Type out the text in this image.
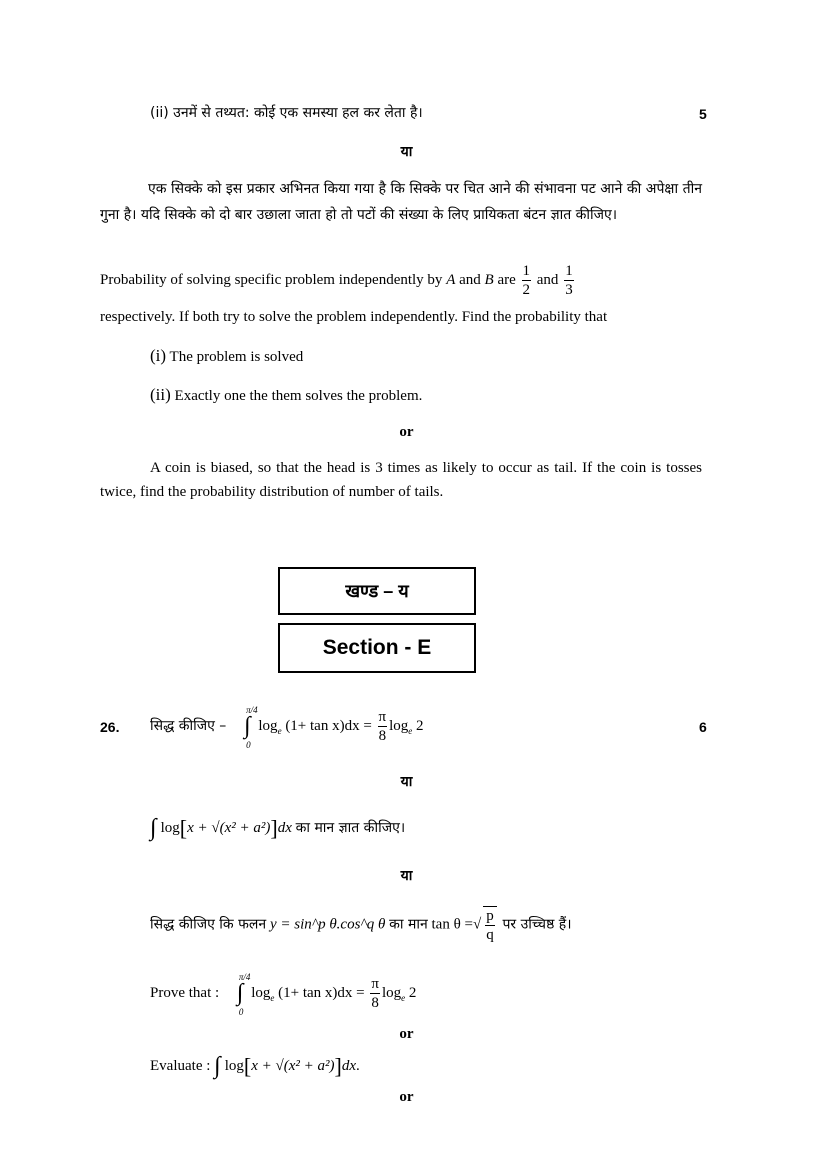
(ii) उनमें से तथ्यत: कोई एक समस्या हल कर लेता है।	5
या
एक सिक्के को इस प्रकार अभिनत किया गया है कि सिक्के पर चित आने की संभावना पट आने की अपेक्षा तीन गुना है। यदि सिक्के को दो बार उछाला जाता हो तो पटों की संख्या के लिए प्रायिकता बंटन ज्ञात कीजिए।
Probability of solving specific problem independently by A and B are $\frac{1}{2}$ and $\frac{1}{3}$
respectively. If both try to solve the problem independently. Find the probability that
(i) The problem is solved
(ii) Exactly one the them solves the problem.
or
A coin is biased, so that the head is 3 times as likely to occur as tail. If the coin is tosses twice, find the probability distribution of number of tails.
खण्ड – य
Section - E
26.	6
सिद्ध कीजिए – ∫
π/4
0
$\log_e (1+ \tan x)dx = \frac{\pi}{8} \log_e 2$
या
∫ log[x + √(x² + a²)]dx का मान ज्ञात कीजिए।
या
सिद्ध कीजिए कि फलन y = sin^p θ.cos^q θ का मान tan θ =√ $\frac{p}{q}$ पर उच्चिष्ठ हैं।
Prove that : ∫
π/4
0
$\log_e (1+ \tan x)dx = \frac{\pi}{8} \log_e 2$
or
Evaluate : ∫ log[x + √(x² + a²)]dx.
or
